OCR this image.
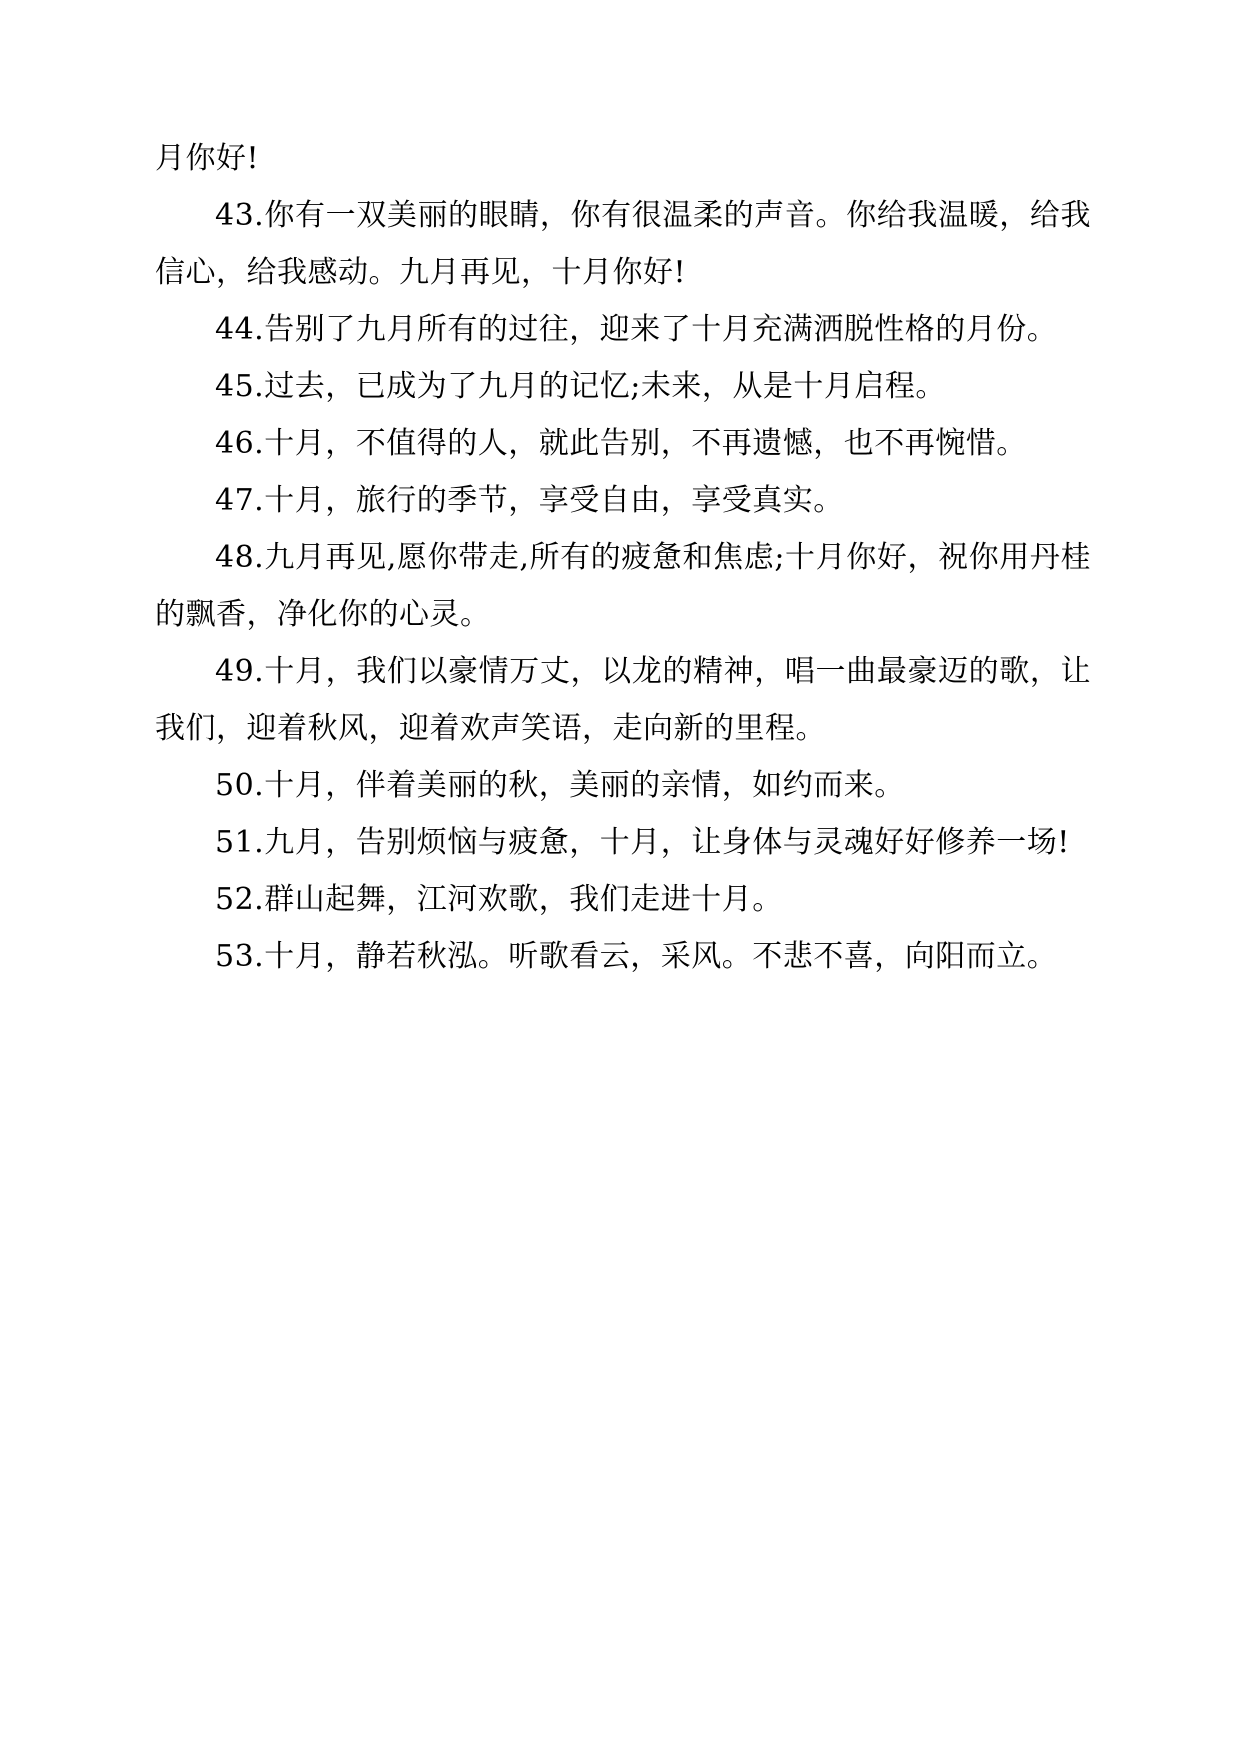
月你好!

43.你有一双美丽的眼睛，你有很温柔的声音。你给我温暖，给我信心，给我感动。九月再见，十月你好!

44.告别了九月所有的过往，迎来了十月充满洒脱性格的月份。

45.过去，已成为了九月的记忆;未来，从是十月启程。

46.十月，不值得的人，就此告别，不再遗憾，也不再惋惜。

47.十月，旅行的季节，享受自由，享受真实。

48.九月再见,愿你带走,所有的疲惫和焦虑;十月你好，祝你用丹桂的飘香，净化你的心灵。

49.十月，我们以豪情万丈，以龙的精神，唱一曲最豪迈的歌，让我们，迎着秋风，迎着欢声笑语，走向新的里程。

50.十月，伴着美丽的秋，美丽的亲情，如约而来。

51.九月，告别烦恼与疲惫，十月，让身体与灵魂好好修养一场!

52.群山起舞，江河欢歌，我们走进十月。

53.十月，静若秋泓。听歌看云，采风。不悲不喜，向阳而立。
